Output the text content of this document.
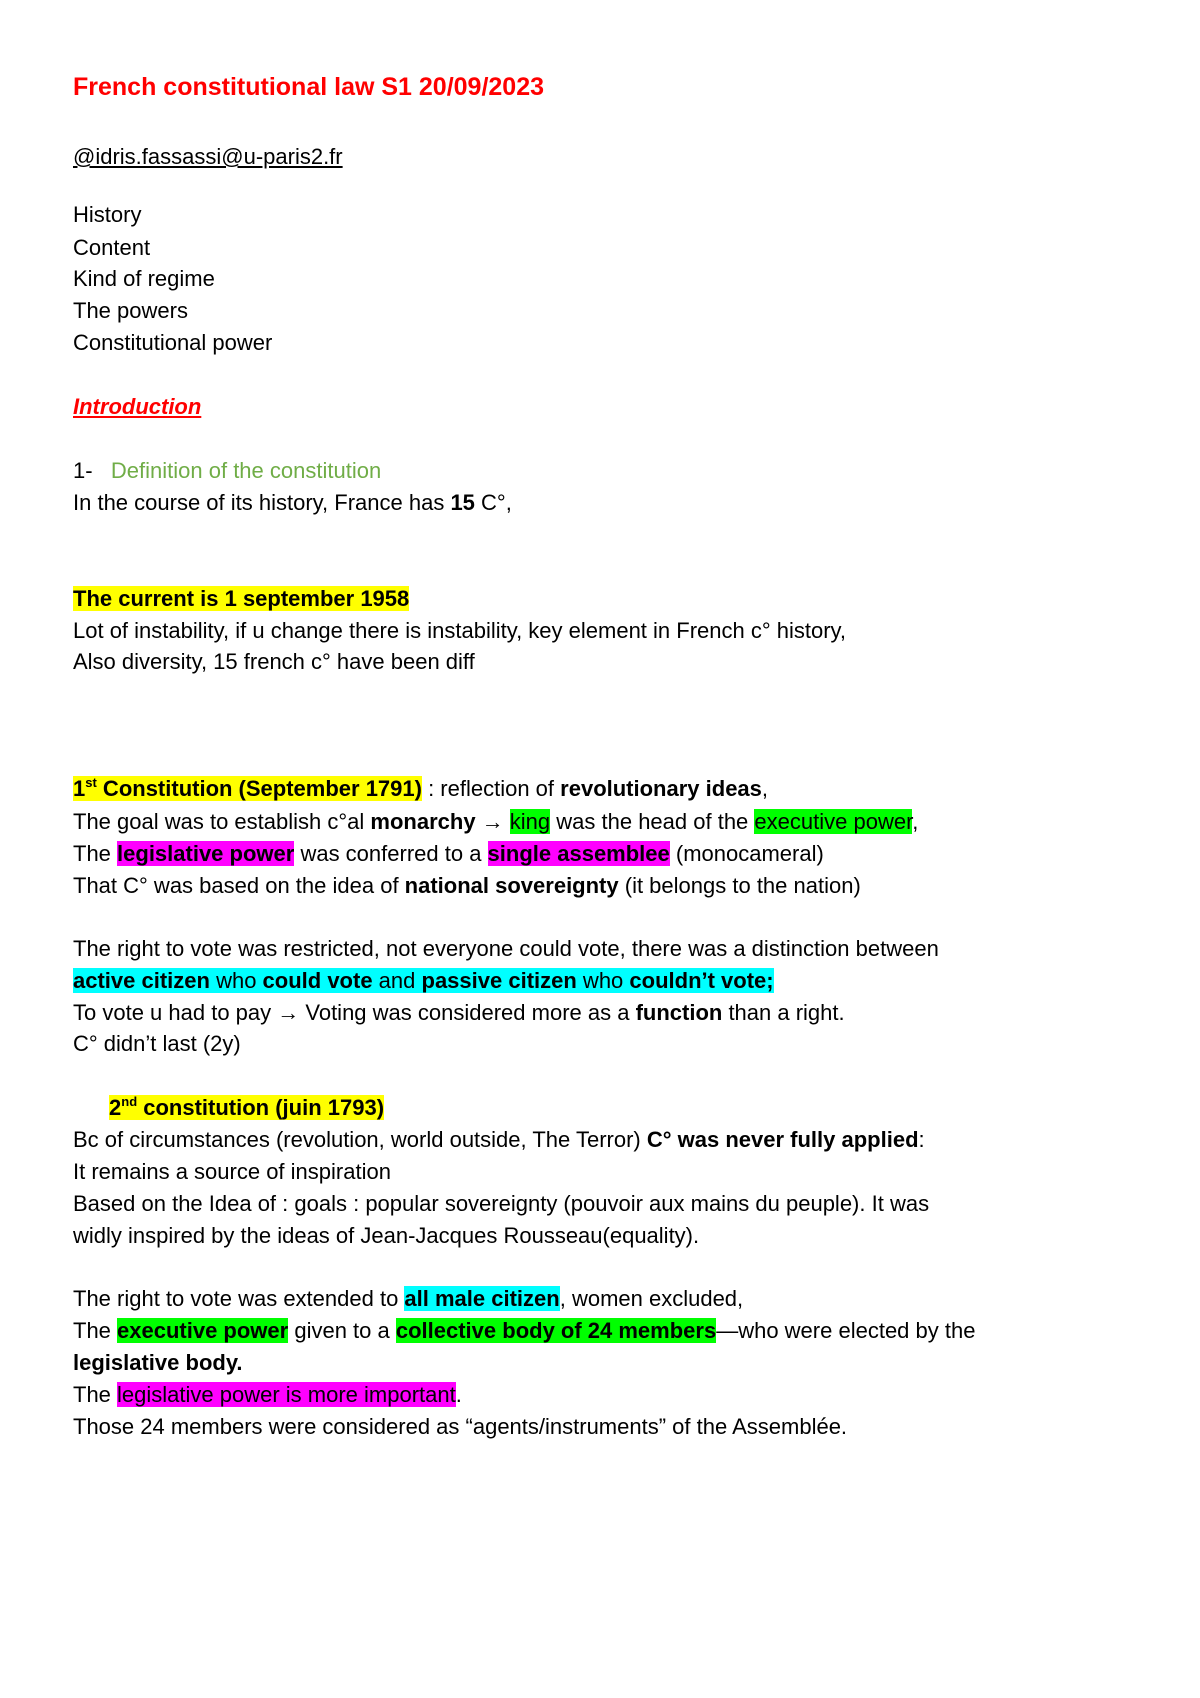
French constitutional law S1 20/09/2023
@idris.fassassi@u-paris2.fr
History
Content
Kind of regime
The powers
Constitutional power
Introduction
1- Definition of the constitution
In the course of its history, France has 15 C°,
The current is 1 september 1958
Lot of instability, if u change there is instability, key element in French c° history,
Also diversity, 15 french c° have been diff
1st Constitution (September 1791) : reflection of revolutionary ideas,
The goal was to establish c°al monarchy → king was the head of the executive power,
The legislative power was conferred to a single assemblee (monocameral)
That C° was based on the idea of national sovereignty (it belongs to the nation)
The right to vote was restricted, not everyone could vote, there was a distinction between
active citizen who could vote and passive citizen who couldn’t vote;
To vote u had to pay → Voting was considered more as a function than a right.
C° didn’t last (2y)
2nd constitution (juin 1793)
Bc of circumstances (revolution, world outside, The Terror) C° was never fully applied:
It remains a source of inspiration
Based on the Idea of : goals : popular sovereignty (pouvoir aux mains du peuple). It was
widly inspired by the ideas of Jean-Jacques Rousseau(equality).
The right to vote was extended to all male citizen, women excluded,
The executive power given to a collective body of 24 members—who were elected by the
legislative body.
The legislative power is more important.
Those 24 members were considered as “agents/instruments” of the Assemblée.
